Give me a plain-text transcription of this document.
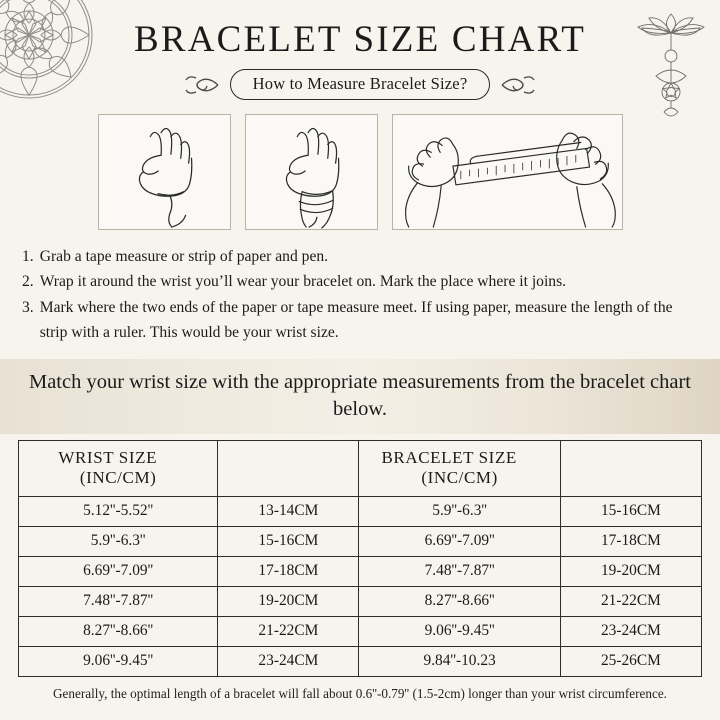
BRACELET SIZE CHART
How to Measure Bracelet Size?
1. Grab a tape measure or strip of paper and pen.
2. Wrap it around the wrist you’ll wear your bracelet on. Mark the place where it joins.
3. Mark where the two ends of the paper or tape measure meet. If using paper, measure the length of the strip with a ruler. This would be your wrist size.
Match your wrist size with the appropriate measurements from the bracelet chart below.
WRIST SIZE  (INC/CM)		BRACELET SIZE  (INC/CM)	
5.12''-5.52''	13-14CM	5.9''-6.3''	15-16CM
5.9''-6.3''	15-16CM	6.69''-7.09''	17-18CM
6.69''-7.09''	17-18CM	7.48''-7.87''	19-20CM
7.48''-7.87''	19-20CM	8.27''-8.66''	21-22CM
8.27''-8.66''	21-22CM	9.06''-9.45''	23-24CM
9.06''-9.45''	23-24CM	9.84''-10.23	25-26CM
Generally, the optimal length of a bracelet will fall about 0.6''-0.79'' (1.5-2cm) longer than your wrist circumference.
